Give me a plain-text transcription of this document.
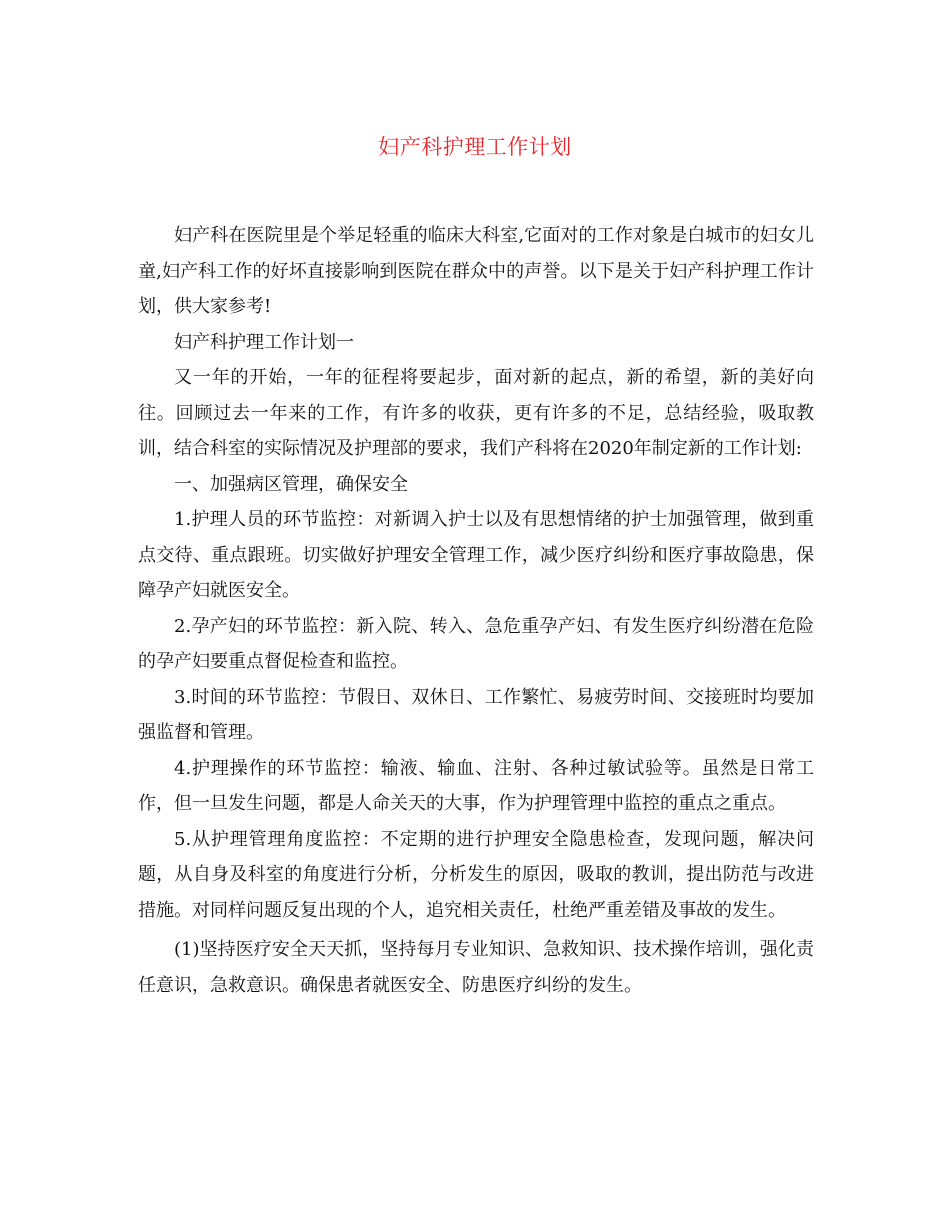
妇产科护理工作计划

妇产科在医院里是个举足轻重的临床大科室,它面对的工作对象是白城市的妇女儿童,妇产科工作的好坏直接影响到医院在群众中的声誉。以下是关于妇产科护理工作计划，供大家参考!

妇产科护理工作计划一

又一年的开始，一年的征程将要起步，面对新的起点，新的希望，新的美好向往。回顾过去一年来的工作，有许多的收获，更有许多的不足，总结经验，吸取教训，结合科室的实际情况及护理部的要求，我们产科将在2020年制定新的工作计划:

一、加强病区管理，确保安全

1.护理人员的环节监控：对新调入护士以及有思想情绪的护士加强管理，做到重点交待、重点跟班。切实做好护理安全管理工作，减少医疗纠纷和医疗事故隐患，保障孕产妇就医安全。

2.孕产妇的环节监控：新入院、转入、急危重孕产妇、有发生医疗纠纷潜在危险的孕产妇要重点督促检查和监控。

3.时间的环节监控：节假日、双休日、工作繁忙、易疲劳时间、交接班时均要加强监督和管理。

4.护理操作的环节监控：输液、输血、注射、各种过敏试验等。虽然是日常工作，但一旦发生问题，都是人命关天的大事，作为护理管理中监控的重点之重点。

5.从护理管理角度监控：不定期的进行护理安全隐患检查，发现问题，解决问题，从自身及科室的角度进行分析，分析发生的原因，吸取的教训，提出防范与改进措施。对同样问题反复出现的个人，追究相关责任，杜绝严重差错及事故的发生。

(1)坚持医疗安全天天抓，坚持每月专业知识、急救知识、技术操作培训，强化责任意识，急救意识。确保患者就医安全、防患医疗纠纷的发生。
